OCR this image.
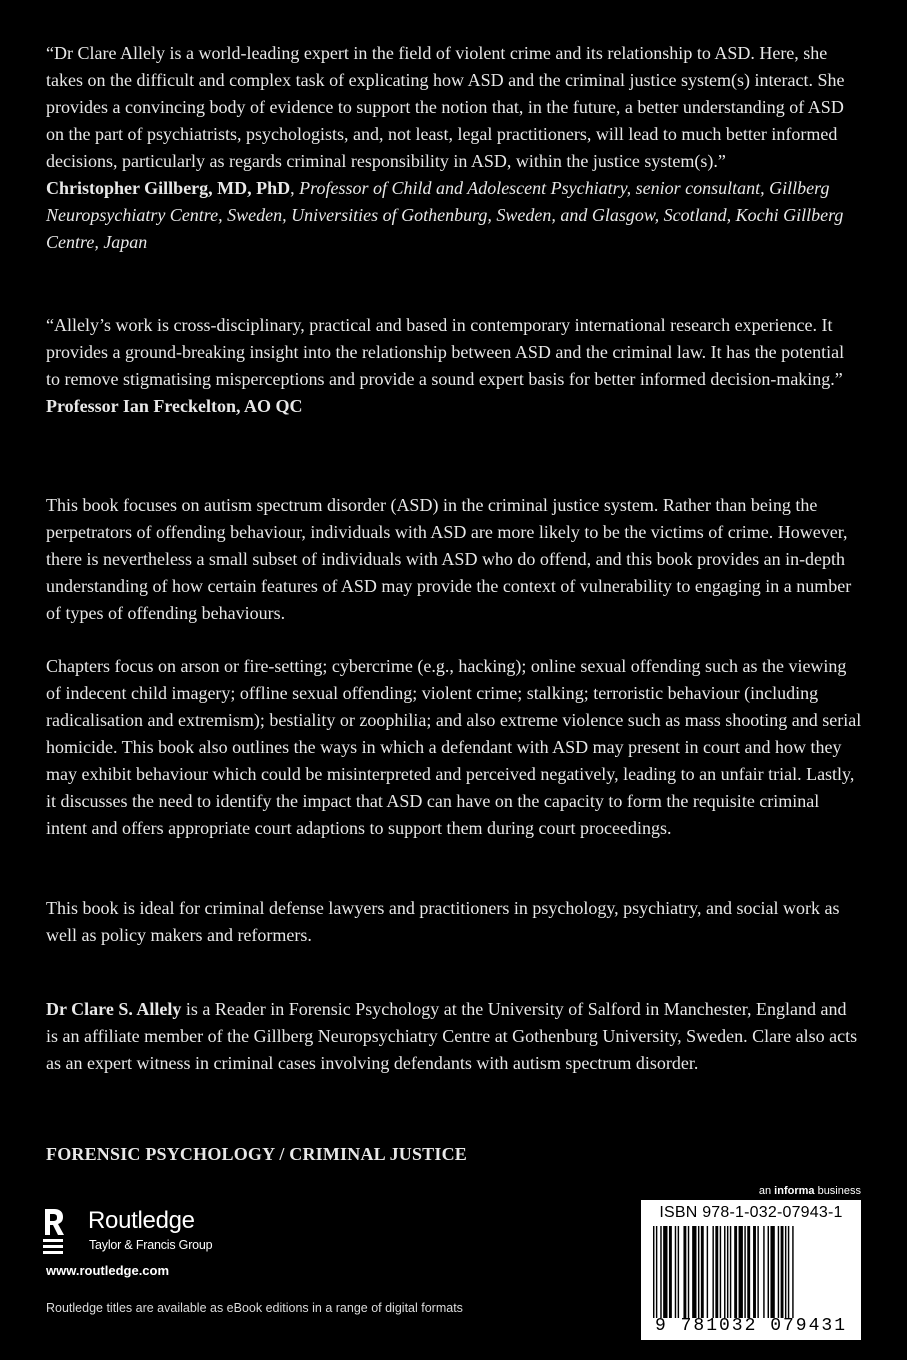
“Dr Clare Allely is a world-leading expert in the field of violent crime and its relationship to ASD. Here, she takes on the difficult and complex task of explicating how ASD and the criminal justice system(s) interact. She provides a convincing body of evidence to support the notion that, in the future, a better understanding of ASD on the part of psychiatrists, psychologists, and, not least, legal practitioners, will lead to much better informed decisions, particularly as regards criminal responsibility in ASD, within the justice system(s).”
Christopher Gillberg, MD, PhD, Professor of Child and Adolescent Psychiatry, senior consultant, Gillberg Neuropsychiatry Centre, Sweden, Universities of Gothenburg, Sweden, and Glasgow, Scotland, Kochi Gillberg Centre, Japan

“Allely’s work is cross-disciplinary, practical and based in contemporary international research experience. It provides a ground-breaking insight into the relationship between ASD and the criminal law. It has the potential to remove stigmatising misperceptions and provide a sound expert basis for better informed decision-making.”
Professor Ian Freckelton, AO QC

This book focuses on autism spectrum disorder (ASD) in the criminal justice system. Rather than being the perpetrators of offending behaviour, individuals with ASD are more likely to be the victims of crime. However, there is nevertheless a small subset of individuals with ASD who do offend, and this book provides an in-depth understanding of how certain features of ASD may provide the context of vulnerability to engaging in a number of types of offending behaviours.

Chapters focus on arson or fire-setting; cybercrime (e.g., hacking); online sexual offending such as the viewing of indecent child imagery; offline sexual offending; violent crime; stalking; terroristic behaviour (including radicalisation and extremism); bestiality or zoophilia; and also extreme violence such as mass shooting and serial homicide. This book also outlines the ways in which a defendant with ASD may present in court and how they may exhibit behaviour which could be misinterpreted and perceived negatively, leading to an unfair trial. Lastly, it discusses the need to identify the impact that ASD can have on the capacity to form the requisite criminal intent and offers appropriate court adaptions to support them during court proceedings.

This book is ideal for criminal defense lawyers and practitioners in psychology, psychiatry, and social work as well as policy makers and reformers.

Dr Clare S. Allely is a Reader in Forensic Psychology at the University of Salford in Manchester, England and is an affiliate member of the Gillberg Neuropsychiatry Centre at Gothenburg University, Sweden. Clare also acts as an expert witness in criminal cases involving defendants with autism spectrum disorder.

FORENSIC PSYCHOLOGY / CRIMINAL JUSTICE

Routledge
Taylor & Francis Group

www.routledge.com

Routledge titles are available as eBook editions in a range of digital formats

an informa business

ISBN 978-1-032-07943-1
9 781032 079431
